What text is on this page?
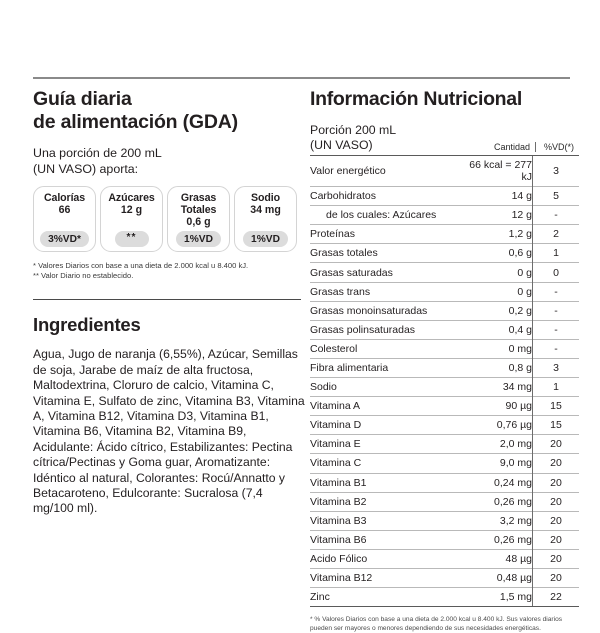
Guía diaria
de alimentación (GDA)

Una porción de 200 mL
(UN VASO) aporta:

Calorías
66
3%VD*
Azúcares
12 g
**
Grasas
Totales
0,6 g
1%VD
Sodio
34 mg
1%VD
* Valores Diarios con base a una dieta de 2.000 kcal u 8.400 kJ.
** Valor Diario no establecido.
Ingredientes

Agua, Jugo de naranja (6,55%), Azúcar, Semillas de soja, Jarabe de maíz de alta fructosa, Maltodextrina, Cloruro de calcio, Vitamina C, Vitamina E, Sulfato de zinc, Vitamina B3, Vitamina A, Vitamina B12, Vitamina D3, Vitamina B1, Vitamina B6, Vitamina B2, Vitamina B9, Acidulante: Ácido cítrico, Estabilizantes: Pectina cítrica/Pectinas y Goma guar, Aromatizante: Idéntico al natural, Colorantes: Rocú/Annatto y Betacaroteno, Edulcorante: Sucralosa (7,4 mg/100 ml).

Información Nutricional
Porción 200 mL
(UN VASO)	Cantidad	%VD(*)
Valor energético	66 kcal = 277 kJ	3
Carbohidratos	14 g	5
de los cuales: Azúcares	12 g	-
Proteínas	1,2 g	2
Grasas totales	0,6 g	1
Grasas saturadas	0 g	0
Grasas trans	0 g	-
Grasas monoinsaturadas	0,2 g	-
Grasas polinsaturadas	0,4 g	-
Colesterol	0 mg	-
Fibra alimentaria	0,8 g	3
Sodio	34 mg	1
Vitamina A	90 µg	15
Vitamina D	0,76 µg	15
Vitamina E	2,0 mg	20
Vitamina C	9,0 mg	20
Vitamina B1	0,24 mg	20
Vitamina B2	0,26 mg	20
Vitamina B3	3,2 mg	20
Vitamina B6	0,26 mg	20
Acido Fólico	48 µg	20
Vitamina B12	0,48 µg	20
Zinc	1,5 mg	22
* % Valores Diarios con base a una dieta de 2.000 kcal u 8.400 kJ. Sus valores diarios pueden ser mayores o menores dependiendo de sus necesidades energéticas.
